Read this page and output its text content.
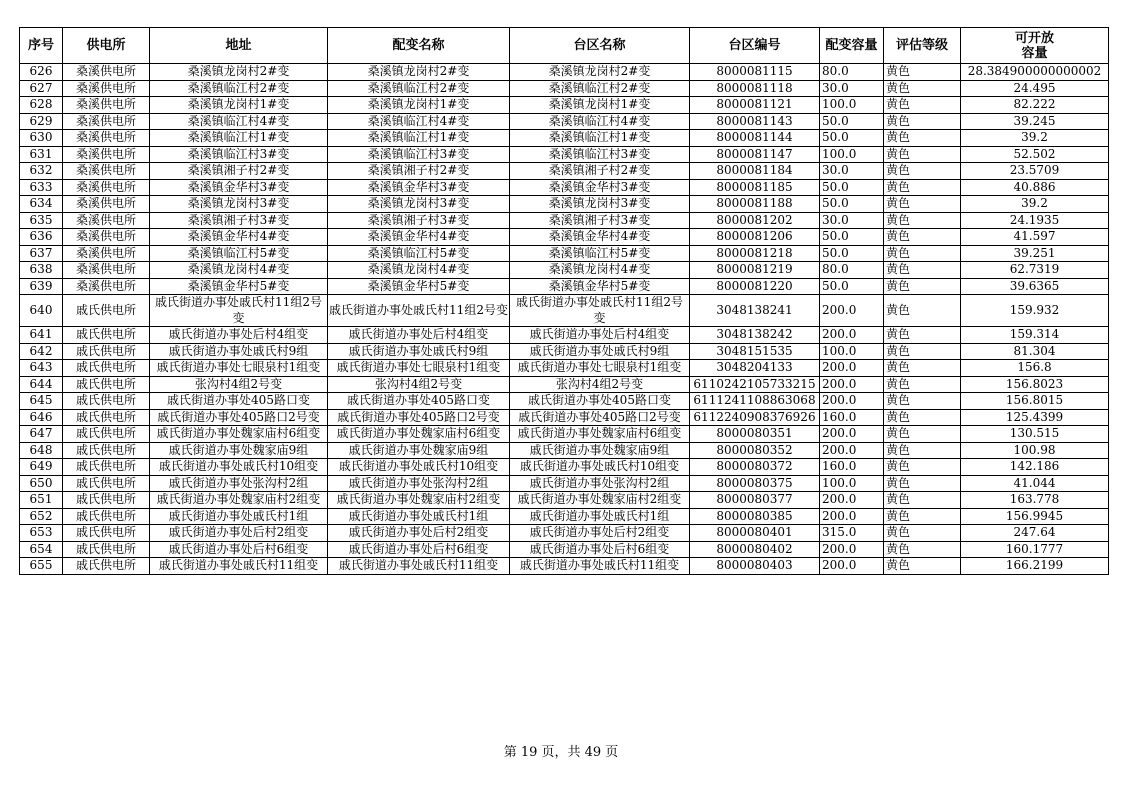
序号	供电所	地址	配变名称	台区名称	台区编号	配变容量	评估等级	可开放
容量

626	桑溪供电所	桑溪镇龙岗村2#变	桑溪镇龙岗村2#变	桑溪镇龙岗村2#变	8000081115	80.0	黄色	28.384900000000002
627	桑溪供电所	桑溪镇临江村2#变	桑溪镇临江村2#变	桑溪镇临江村2#变	8000081118	30.0	黄色	24.495
628	桑溪供电所	桑溪镇龙岗村1#变	桑溪镇龙岗村1#变	桑溪镇龙岗村1#变	8000081121	100.0	黄色	82.222
629	桑溪供电所	桑溪镇临江村4#变	桑溪镇临江村4#变	桑溪镇临江村4#变	8000081143	50.0	黄色	39.245
630	桑溪供电所	桑溪镇临江村1#变	桑溪镇临江村1#变	桑溪镇临江村1#变	8000081144	50.0	黄色	39.2
631	桑溪供电所	桑溪镇临江村3#变	桑溪镇临江村3#变	桑溪镇临江村3#变	8000081147	100.0	黄色	52.502
632	桑溪供电所	桑溪镇湘子村2#变	桑溪镇湘子村2#变	桑溪镇湘子村2#变	8000081184	30.0	黄色	23.5709
633	桑溪供电所	桑溪镇金华村3#变	桑溪镇金华村3#变	桑溪镇金华村3#变	8000081185	50.0	黄色	40.886
634	桑溪供电所	桑溪镇龙岗村3#变	桑溪镇龙岗村3#变	桑溪镇龙岗村3#变	8000081188	50.0	黄色	39.2
635	桑溪供电所	桑溪镇湘子村3#变	桑溪镇湘子村3#变	桑溪镇湘子村3#变	8000081202	30.0	黄色	24.1935
636	桑溪供电所	桑溪镇金华村4#变	桑溪镇金华村4#变	桑溪镇金华村4#变	8000081206	50.0	黄色	41.597
637	桑溪供电所	桑溪镇临江村5#变	桑溪镇临江村5#变	桑溪镇临江村5#变	8000081218	50.0	黄色	39.251
638	桑溪供电所	桑溪镇龙岗村4#变	桑溪镇龙岗村4#变	桑溪镇龙岗村4#变	8000081219	80.0	黄色	62.7319
639	桑溪供电所	桑溪镇金华村5#变	桑溪镇金华村5#变	桑溪镇金华村5#变	8000081220	50.0	黄色	39.6365
640	戚氏供电所	戚氏街道办事处戚氏村11组2号变	戚氏街道办事处戚氏村11组2号变	戚氏街道办事处戚氏村11组2号变	3048138241	200.0	黄色	159.932
641	戚氏供电所	戚氏街道办事处后村4组变	戚氏街道办事处后村4组变	戚氏街道办事处后村4组变	3048138242	200.0	黄色	159.314
642	戚氏供电所	戚氏街道办事处戚氏村9组	戚氏街道办事处戚氏村9组	戚氏街道办事处戚氏村9组	3048151535	100.0	黄色	81.304
643	戚氏供电所	戚氏街道办事处七眼泉村1组变	戚氏街道办事处七眼泉村1组变	戚氏街道办事处七眼泉村1组变	3048204133	200.0	黄色	156.8
644	戚氏供电所	张沟村4组2号变	张沟村4组2号变	张沟村4组2号变	6110242105733215	200.0	黄色	156.8023
645	戚氏供电所	戚氏街道办事处405路口变	戚氏街道办事处405路口变	戚氏街道办事处405路口变	6111241108863068	200.0	黄色	156.8015
646	戚氏供电所	戚氏街道办事处405路口2号变	戚氏街道办事处405路口2号变	戚氏街道办事处405路口2号变	6112240908376926	160.0	黄色	125.4399
647	戚氏供电所	戚氏街道办事处魏家庙村6组变	戚氏街道办事处魏家庙村6组变	戚氏街道办事处魏家庙村6组变	8000080351	200.0	黄色	130.515
648	戚氏供电所	戚氏街道办事处魏家庙9组	戚氏街道办事处魏家庙9组	戚氏街道办事处魏家庙9组	8000080352	200.0	黄色	100.98
649	戚氏供电所	戚氏街道办事处戚氏村10组变	戚氏街道办事处戚氏村10组变	戚氏街道办事处戚氏村10组变	8000080372	160.0	黄色	142.186
650	戚氏供电所	戚氏街道办事处张沟村2组	戚氏街道办事处张沟村2组	戚氏街道办事处张沟村2组	8000080375	100.0	黄色	41.044
651	戚氏供电所	戚氏街道办事处魏家庙村2组变	戚氏街道办事处魏家庙村2组变	戚氏街道办事处魏家庙村2组变	8000080377	200.0	黄色	163.778
652	戚氏供电所	戚氏街道办事处戚氏村1组	戚氏街道办事处戚氏村1组	戚氏街道办事处戚氏村1组	8000080385	200.0	黄色	156.9945
653	戚氏供电所	戚氏街道办事处后村2组变	戚氏街道办事处后村2组变	戚氏街道办事处后村2组变	8000080401	315.0	黄色	247.64
654	戚氏供电所	戚氏街道办事处后村6组变	戚氏街道办事处后村6组变	戚氏街道办事处后村6组变	8000080402	200.0	黄色	160.1777
655	戚氏供电所	戚氏街道办事处戚氏村11组变	戚氏街道办事处戚氏村11组变	戚氏街道办事处戚氏村11组变	8000080403	200.0	黄色	166.2199
第 19 页，共 49 页
